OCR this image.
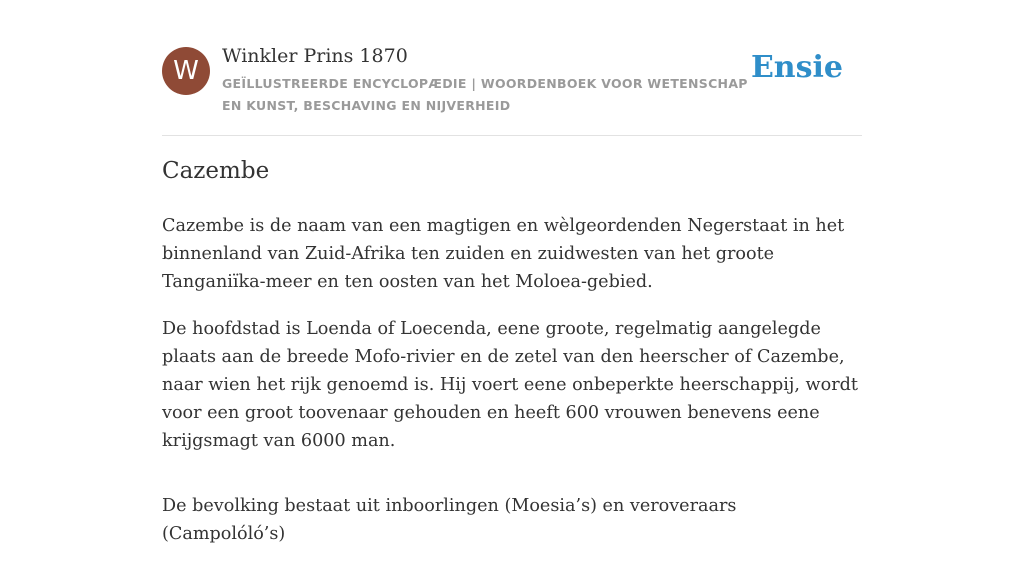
W	Winkler Prins 1870
GEÏLLUSTREERDE ENCYCLOPÆDIE | WOORDENBOEK VOOR WETENSCHAP EN KUNST, BESCHAVING EN NIJVERHEID
Ensie
Cazembe

Cazembe is de naam van een magtigen en wèlgeordenden Negerstaat in het binnenland van Zuid-Afrika ten zuiden en zuidwesten van het groote Tanganiïka-meer en ten oosten van het Moloea-gebied.

De hoofdstad is Loenda of Loecenda, eene groote, regelmatig aangelegde plaats aan de breede Mofo-rivier en de zetel van den heerscher of Cazembe, naar wien het rijk genoemd is. Hij voert eene onbeperkte heerschappij, wordt voor een groot toovenaar gehouden en heeft 600 vrouwen benevens eene krijgsmagt van 6000 man.

De bevolking bestaat uit inboorlingen (Moesia’s) en veroveraars (Campolóló’s)
